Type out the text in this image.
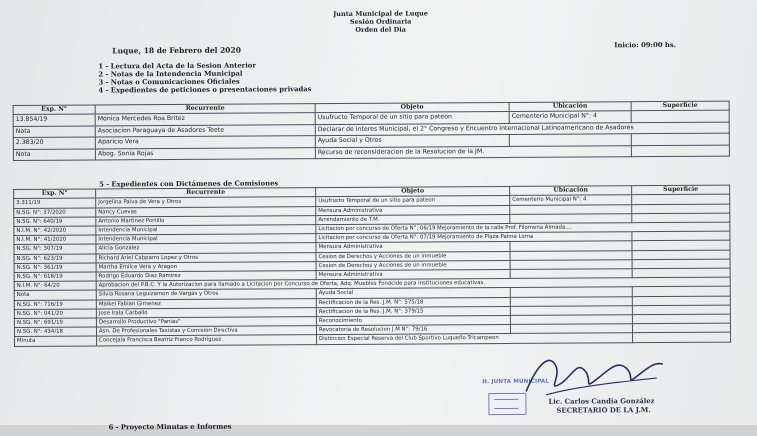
Junta Municipal de Luque
Sesión Ordinaria
Orden del Dia
Luque, 18 de Febrero del 2020
Inicio: 09:00 hs.
1 - Lectura del Acta de la Sesion Anterior
2 - Notas de la Intendencia Municipal
3 - Notas o Comunicaciones Oficiales
4 - Expedientes de peticiones o presentaciones privadas
Exp. N°	Recurrente	Objeto	Ubicación	Superficie
13.854/19	Monica Mercedes Roa Britez	Usufructo Temporal de un sitio para pateon	Cementerio Municipal N°: 4	
Nota	Asociacion Paraguaya de Asadores Teete	Declarar de Interes Municipal, el 2° Congreso y Encuentro Internacional Latinoamericano de Asadores		
2.383/20	Aparicio Vera	Ayuda Social y Otros		
Nota	Abog. Sonia Rojas	Recurso de reconsideracion de la Resolucion de la JM.		
5 - Expedientes con Dictámenes de Comisiones
Exp. N°	Recurrente	Objeto	Ubicación	Superficie
3.311/19	Jorgelina Paiva de Vera y Otros	Usufructo Temporal de un sitio para pateon	Cementerio Municipal N°: 4	
N.SG. N°: 37/2020	Nancy Cuevas	Mensura Administrativa		
N.SG. N°: 640/19	Antonio Martinez Portillo	Arrendamiento de T.M.		
N.I.M. N°: 42/2020	Intendencia Municipal	Licitacion por concurso de Oferta N°: 06/19 Mejoramiento de la calle Prof. Filomena Almada....		
N.I.M. N°: 41/2020	Intendencia Municipal	Licitacion por concurso de Oferta N°: 07/19 Mejoramiento de Plaza Palma Loma		
N.SG. N°: 307/19	Alicia Gonzalez	Mensura Administrativa		
N.SG. N°: 623/19	Richard Ariel Cabparro Lopez y Otros	Cesion de Derechos y Acciones de un inmueble		
N.SG. N°: 361/19	Martha Emilce Vera y Aragon	Cesion de Derechos y Acciones de un inmueble		
N.SG. N°: 618/19	Rodrigo Eduardo Diaz Ramirez	Mensura Administrativa		
N.I.M. N°: 64/20	Aprobacion del P.B.C. Y la Autorizacion para llamado a Licitacion por Concurso de Oferta, Adq. Muebles Fonacide para instituciones educativas.			
Nota	Silvia Rosana Leguizamon de Vargas y Otros	Ayuda Social		
N.SG. N°: 716/19	Maikel Fabian Gimenez	Rectificacion de la Res. J.M. N°: 575/18		
N.SG. N°: 041/20	Jose Irala Carballo	Rectificacion de la Res. J.M. N°: 379/15		
N.SG. N°: 691/19	Desarrollo Productivo "Panias"	Reconocimiento		
N.SG. N°: 434/18	Asn. De Profesionales Taxistas y Comision Directiva	Revocatoria de Resolucion J.M N°: 79/16		
Minuta	Concejala Francisca Beatriz Franco Rodriguez	Distincion Especial Reserva del Club Sportivo Luqueño Tricampeon		
H. JUNTA MUNICIPAL
Lic. Carlos Candia González
SECRETARIO DE LA J.M.
6 - Proyecto Minutas e Informes
